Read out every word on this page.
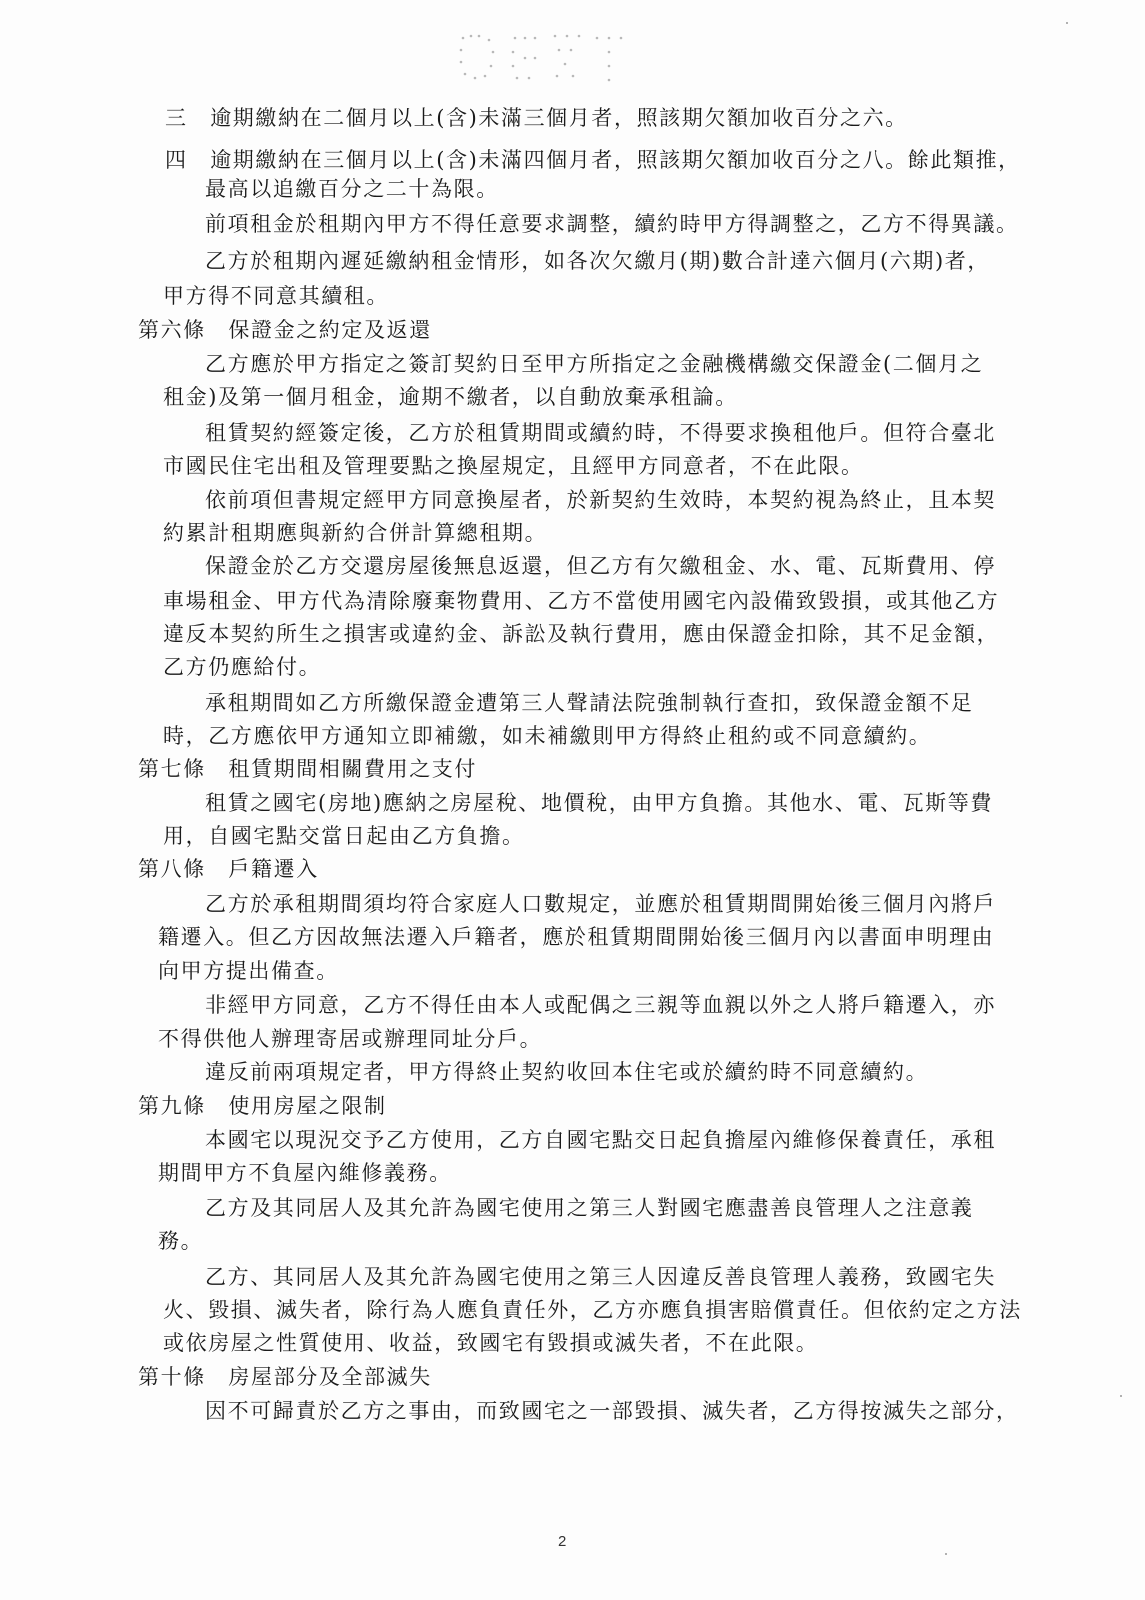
三　逾期繳納在二個月以上(含)未滿三個月者，照該期欠額加收百分之六。
四　逾期繳納在三個月以上(含)未滿四個月者，照該期欠額加收百分之八。餘此類推，
最高以追繳百分之二十為限。
前項租金於租期內甲方不得任意要求調整，續約時甲方得調整之，乙方不得異議。
乙方於租期內遲延繳納租金情形，如各次欠繳月(期)數合計達六個月(六期)者，
甲方得不同意其續租。
第六條　保證金之約定及返還
乙方應於甲方指定之簽訂契約日至甲方所指定之金融機構繳交保證金(二個月之
租金)及第一個月租金，逾期不繳者，以自動放棄承租論。
租賃契約經簽定後，乙方於租賃期間或續約時，不得要求換租他戶。但符合臺北
市國民住宅出租及管理要點之換屋規定，且經甲方同意者，不在此限。
依前項但書規定經甲方同意換屋者，於新契約生效時，本契約視為終止，且本契
約累計租期應與新約合併計算總租期。
保證金於乙方交還房屋後無息返還，但乙方有欠繳租金、水、電、瓦斯費用、停
車場租金、甲方代為清除廢棄物費用、乙方不當使用國宅內設備致毀損，或其他乙方
違反本契約所生之損害或違約金、訴訟及執行費用，應由保證金扣除，其不足金額，
乙方仍應給付。
承租期間如乙方所繳保證金遭第三人聲請法院強制執行查扣，致保證金額不足
時，乙方應依甲方通知立即補繳，如未補繳則甲方得終止租約或不同意續約。
第七條　租賃期間相關費用之支付
租賃之國宅(房地)應納之房屋稅、地價稅，由甲方負擔。其他水、電、瓦斯等費
用，自國宅點交當日起由乙方負擔。
第八條　戶籍遷入
乙方於承租期間須均符合家庭人口數規定，並應於租賃期間開始後三個月內將戶
籍遷入。但乙方因故無法遷入戶籍者，應於租賃期間開始後三個月內以書面申明理由
向甲方提出備查。
非經甲方同意，乙方不得任由本人或配偶之三親等血親以外之人將戶籍遷入，亦
不得供他人辦理寄居或辦理同址分戶。
違反前兩項規定者，甲方得終止契約收回本住宅或於續約時不同意續約。
第九條　使用房屋之限制
本國宅以現況交予乙方使用，乙方自國宅點交日起負擔屋內維修保養責任，承租
期間甲方不負屋內維修義務。
乙方及其同居人及其允許為國宅使用之第三人對國宅應盡善良管理人之注意義
務。
乙方、其同居人及其允許為國宅使用之第三人因違反善良管理人義務，致國宅失
火、毀損、滅失者，除行為人應負責任外，乙方亦應負損害賠償責任。但依約定之方法
或依房屋之性質使用、收益，致國宅有毀損或滅失者，不在此限。
第十條　房屋部分及全部滅失
因不可歸責於乙方之事由，而致國宅之一部毀損、滅失者，乙方得按滅失之部分，
2
